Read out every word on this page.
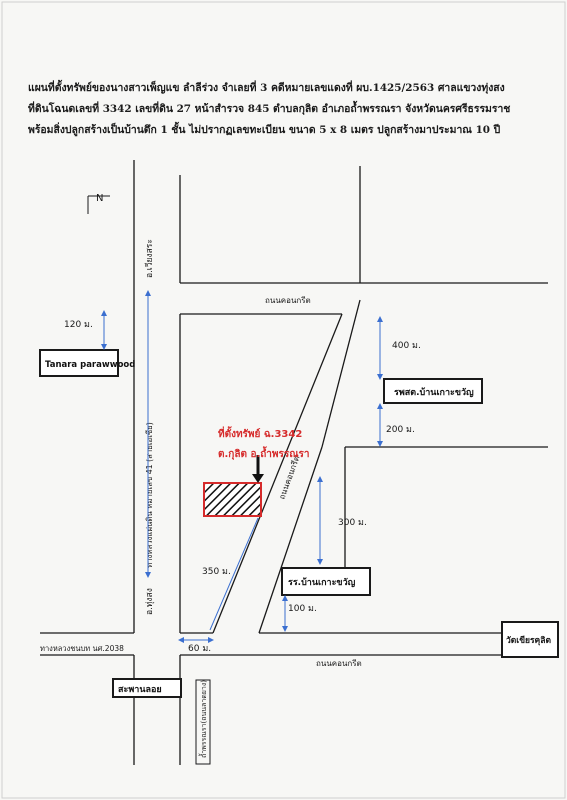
แผนที่ตั้งทรัพย์ของนางสาวเพ็ญแข ลำลีร่วง จำเลยที่ 3 คดีหมายเลขแดงที่ ผบ.1425/2563 ศาลแขวงทุ่งสง
ที่ดินโฉนดเลขที่ 3342 เลขที่ดิน 27 หน้าสำรวจ 845 ตำบลกุลิต อำเภอถ้ำพรรณรา จังหวัดนครศรีธรรมราช
พร้อมสิ่งปลูกสร้างเป็นบ้านตึก 1 ชั้น ไม่ปรากฏเลขทะเบียน ขนาด 5 x 8 เมตร ปลูกสร้างมาประมาณ 10 ปี
N
ถนนคอนกรีต
ถนนคอนกรีต
ถนนคอนกรีต
ทางหลวงชนบท นศ.2038
อ.เวียงสระ
ทางหลวงแผ่นดิน หมายเลข 41 (สายเอเชีย)
อ.ทุ่งสง
ถ้ำพรรณรา(ถนนลาดยาง)
Tanara parawwood
รพสต.บ้านเกาะขวัญ
รร.บ้านเกาะขวัญ
วัดเขียรคุลิต
สะพานลอย
ที่ตั้งทรัพย์ ฉ.3342
ต.กุลิต อ.ถ้ำพรรณรา
120 ม.
400 ม.
200 ม.
300 ม.
350 ม.
100 ม.
60 ม.
